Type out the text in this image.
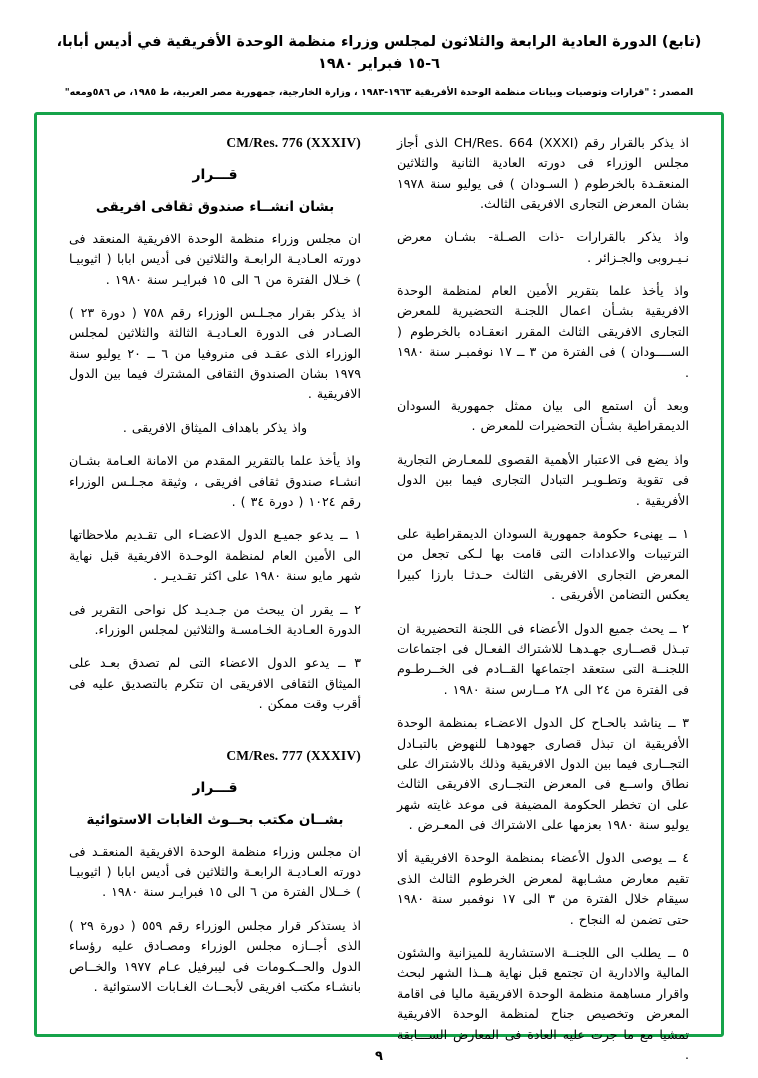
(تابع) الدورة العادية الرابعة والثلاثون لمجلس وزراء منظمة الوحدة الأفريقية في أديس أبابا، ٦-١٥ فبراير ١٩٨٠
المصدر : "قرارات وتوصيات وبيانات منظمة الوحدة الأفريقية ١٩٦٣-١٩٨٣ ، وزارة الخارجية، جمهورية مصر العربية، ط ١٩٨٥، ص ٥٨٦ومعه"

اذ يذكر بالقرار رقم CH/Res. 664 (XXXI) الذى أجاز مجلس الوزراء فى دورته العادية الثانية والثلاثين المنعقـدة بالخرطوم ( السـودان ) فى يوليو سنة ١٩٧٨ بشان المعرض التجارى الافريقى الثالث.

واذ يذكر بالقرارات -ذات الصـلة- بشـان معرض نـيـروبى والجـزائر .

واذ يأخذ علما بتقرير الأمين العام لمنظمة الوحدة الافريقية بشـأن اعمال اللجنـة التحضيرية للمعرض التجارى الافريقى الثالث المقرر انعقـاده بالخرطوم ( الســــودان ) فى الفترة من ٣ ــ ١٧ نوفمبـر سنة ١٩٨٠ .

وبعد أن استمع الى بيان ممثل جمهورية السودان الديمقراطية بشـأن التحضيرات للمعرض .

واذ يضع فى الاعتبار الأهمية القصوى للمعـارض التجارية فى تقوية وتطـويـر التبادل التجارى فيما بين الدول الأفريقية .

١ ــ يهنىء حكومة جمهورية السودان الديمقراطية على الترتيبات والاعدادات التى قامت بها لـكى تجعل من المعرض التجارى الافريقى الثالث حـدثـا بارزا كبيرا يعكس التضامن الأفريقى .

٢ ــ يحث جميع الدول الأعضاء فى اللجنة التحضيرية ان تبـذل قصــارى جهـدهـا للاشتراك الفعـال فى اجتماعات اللجنــة التى ستعقد اجتماعها القــادم فى الخــرطـوم فى الفترة من ٢٤ الى ٢٨ مــارس سنة ١٩٨٠ .

٣ ــ يناشد بالحـاح كل الدول الاعضـاء بمنظمة الوحدة الأفريقية ان تبذل قصارى جهودهـا للنهوض بالتبـادل التجــارى فيما بين الدول الافريقية وذلك بالاشتراك على نطاق واســع فى المعرض التجــارى الافريقى الثالث على ان تخطر الحكومة المضيفة فى موعد غايته شهر يوليو سنة ١٩٨٠ بعزمها على الاشتراك فى المعـرض .

٤ ــ يوصى الدول الأعضاء بمنظمة الوحدة الافريقية ألا تقيم معارض مشـابهة لمعرض الخرطوم الثالث الذى سيقام خلال الفترة من ٣ الى ١٧ نوفمبر سنة ١٩٨٠ حتى تضمن له النجاح .

٥ ــ يطلب الى اللجنــة الاستشارية للميزانية والشئون المالية والادارية ان تجتمع قبل نهاية هــذا الشهر لبحث واقرار مساهمة منظمة الوحدة الافريقية ماليا فى اقامة المعرض وتخصيص جناح لمنظمة الوحدة الافريقية تمشيا مع ما جرت عليه العادة فى المعارض الســـابقة .

CM/Res. 776 (XXXIV)
قـــرار
بشان انشــاء صندوق ثقافى افريقى

ان مجلس وزراء منظمة الوحدة الافريقية المنعقد فى دورته العـاديـة الرابعـة والثلاثين فى أديس ابابا ( اثيوبيـا ) خـلال الفترة من ٦ الى ١٥ فبرايـر سنة ١٩٨٠ .

اذ يذكر بقرار مجـلـس الوزراء رقم ٧٥٨ ( دورة ٢٣ ) الصـادر فى الدورة العـاديـة الثالثة والثلاثين لمجلس الوزراء الذى عقـد فى منروفيا من ٦ ــ ٢٠ يوليو سنة ١٩٧٩ بشان الصندوق الثقافى المشترك فيما بين الدول الافريقية .

واذ يذكر باهداف الميثاق الافريقى .

واذ يأخذ علما بالتقرير المقدم من الامانة العـامة بشـان انشـاء صندوق ثقافى افريقى ، وثيقة مجـلـس الوزراء رقم ١٠٢٤ ( دورة ٣٤ ) .

١ ــ يدعو جميـع الدول الاعضـاء الى تقـديم ملاحظاتها الى الأمين العام لمنظمة الوحـدة الافريقية قبل نهاية شهر مايو سنة ١٩٨٠ على اكثر تقـديـر .

٢ ــ يقرر ان يبحث من جـديـد كل نواحى التقرير فى الدورة العـادية الخـامسـة والثلاثين لمجلس الوزراء.

٣ ــ يدعو الدول الاعضاء التى لم تصدق بعـد على الميثاق الثقافى الافريقى ان تتكرم بالتصديق عليه فى أقرب وقت ممكن .

CM/Res. 777 (XXXIV)
قـــرار
بشــان مكتب بحــوث الغابات الاستوائية

ان مجلس وزراء منظمة الوحدة الافريقية المنعقـد فى دورته العـاديـة الرابعـة والثلاثين فى أديس ابابا ( اثيوبيـا ) خــلال الفترة من ٦ الى ١٥ فبرايـر سنة ١٩٨٠ .

اذ يستذكر قرار مجلس الوزراء رقم ٥٥٩ ( دورة ٢٩ ) الذى أجــازه مجلس الوزراء ومصـادق عليه رؤساء الدول والحــكـومات فى ليبرفيل عـام ١٩٧٧ والخــاص بانشـاء مكتب افريقى لأبحــاث الغـابات الاستوائية .

٩
